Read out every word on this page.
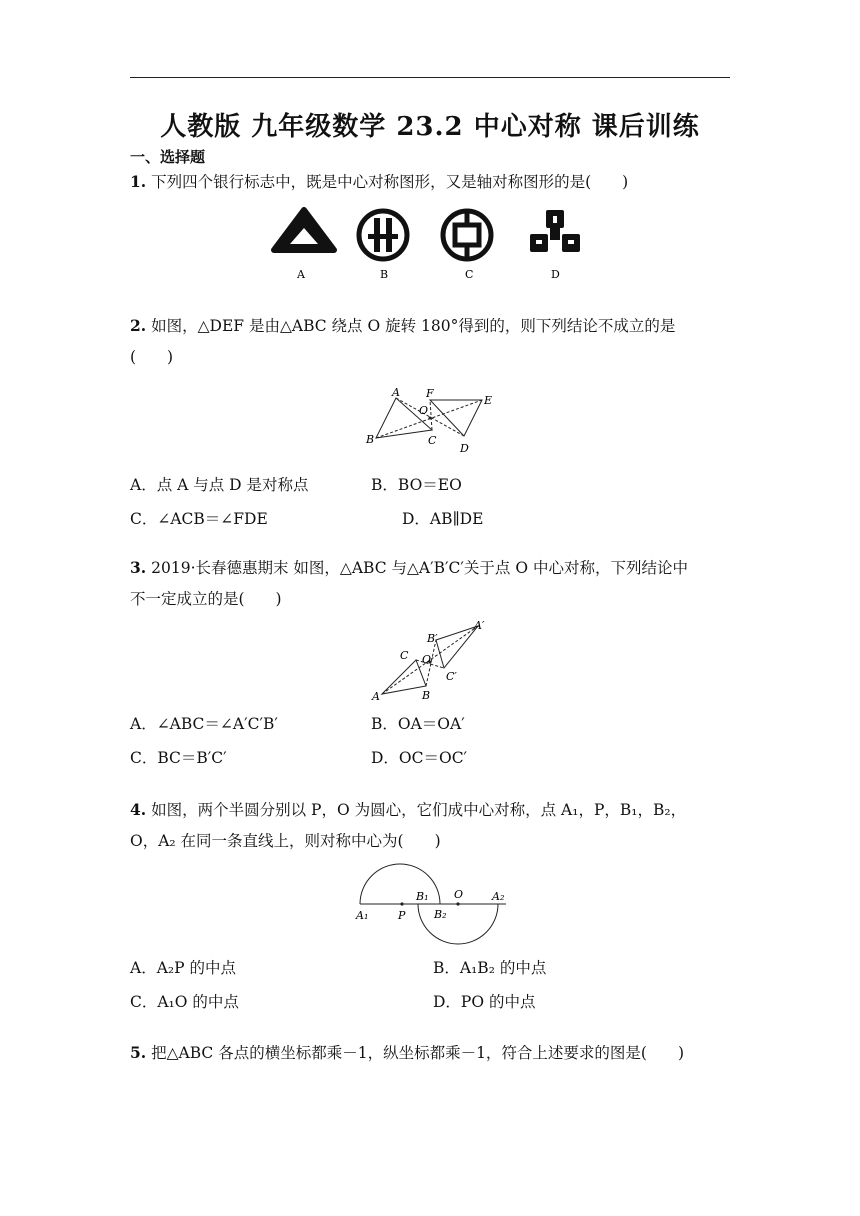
人教版 九年级数学 23.2 中心对称 课后训练
一、选择题
1. 下列四个银行标志中，既是中心对称图形，又是轴对称图形的是(　　)
A	B	C	D
2. 如图，△DEF 是由△ABC 绕点 O 旋转 180°得到的，则下列结论不成立的是
(　　)
A F
O
E
B	C
D
A．点 A 与点 D 是对称点	B．BO＝EO
C．∠ACB＝∠FDE	D．AB∥DE
3. 2019·长春德惠期末 如图，△ABC 与△A′B′C′关于点 O 中心对称，下列结论中
不一定成立的是(　　)
A′
B′
C O
C′
A	B
A．∠ABC＝∠A′C′B′	B．OA＝OA′
C．BC＝B′C′	D．OC＝OC′
4. 如图，两个半圆分别以 P，O 为圆心，它们成中心对称，点 A₁，P，B₁，B₂，
O，A₂ 在同一条直线上，则对称中心为(　　)
A₁	P
B₁
B₂
O	A₂
A．A₂P 的中点	B．A₁B₂ 的中点
C．A₁O 的中点	D．PO 的中点
5. 把△ABC 各点的横坐标都乘－1，纵坐标都乘－1，符合上述要求的图是(　　)
